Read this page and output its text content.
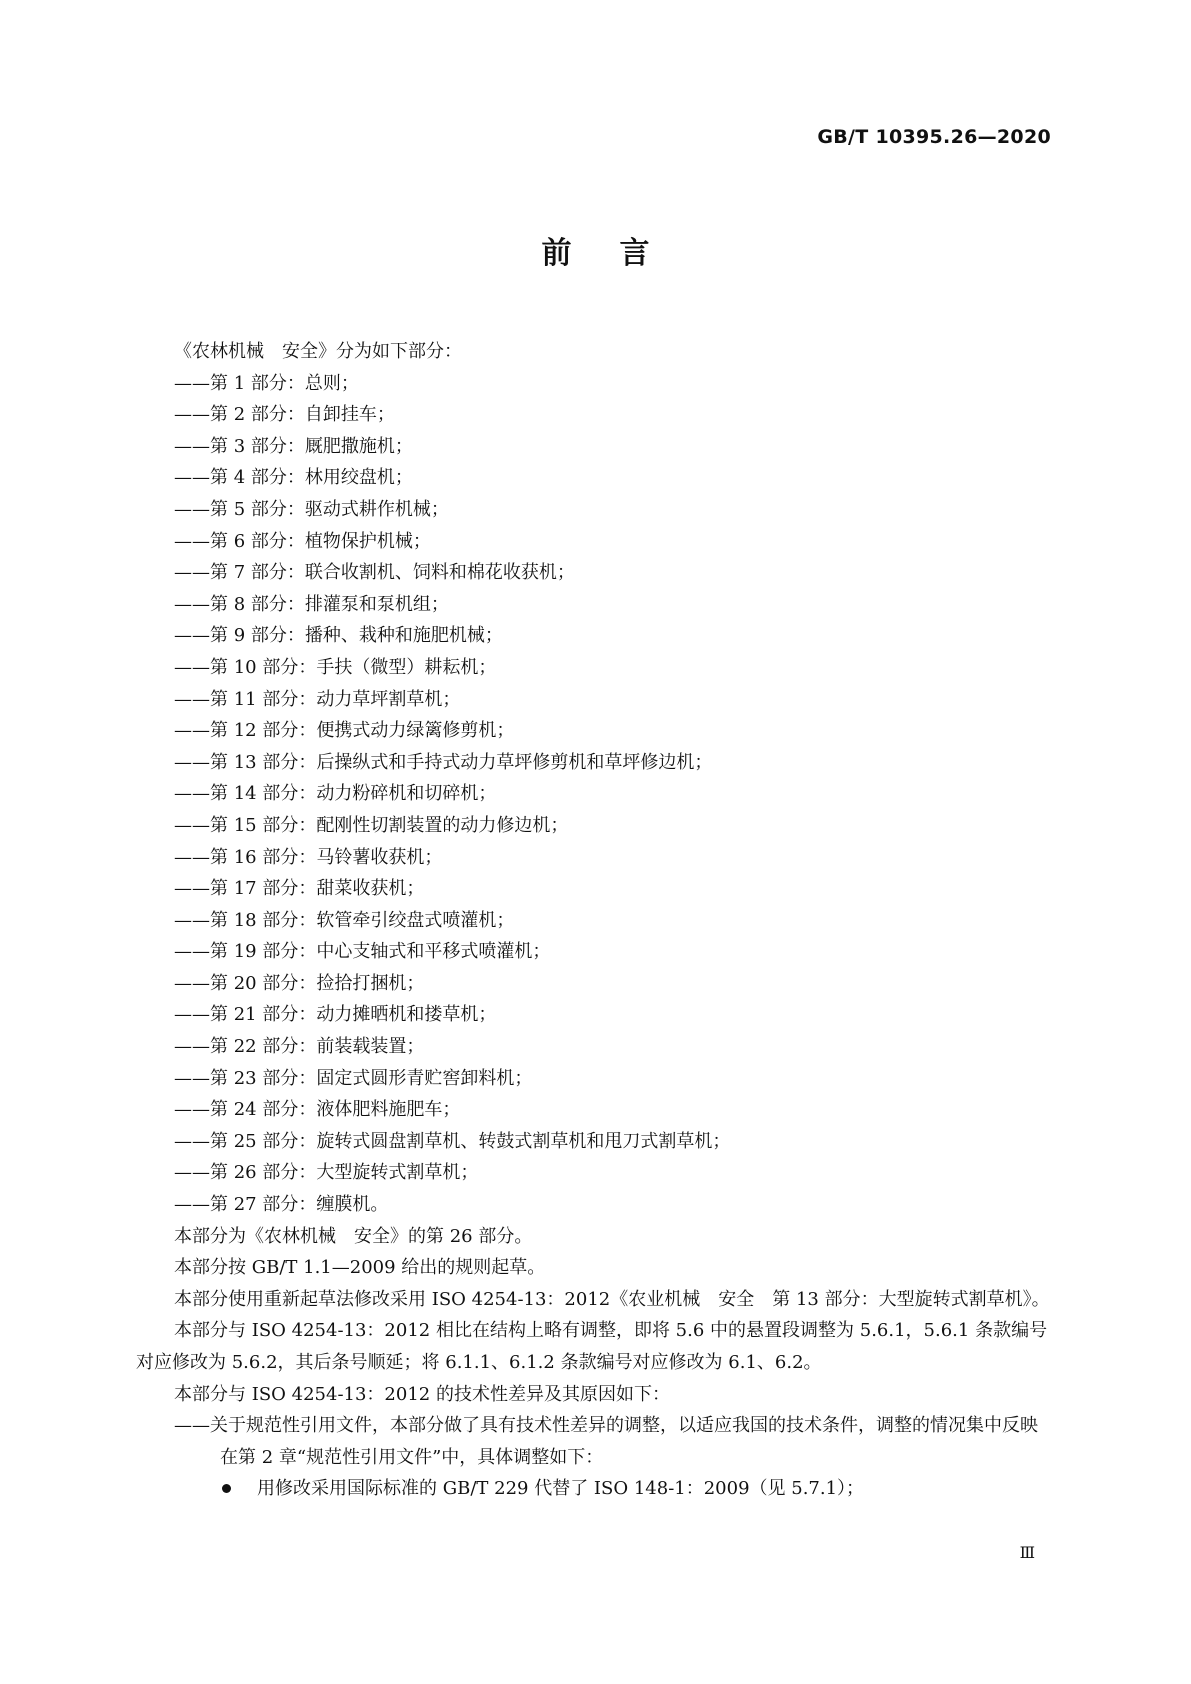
GB/T 10395.26—2020
前言
《农林机械　安全》分为如下部分：
——第 1 部分：总则；
——第 2 部分：自卸挂车；
——第 3 部分：厩肥撒施机；
——第 4 部分：林用绞盘机；
——第 5 部分：驱动式耕作机械；
——第 6 部分：植物保护机械；
——第 7 部分：联合收割机、饲料和棉花收获机；
——第 8 部分：排灌泵和泵机组；
——第 9 部分：播种、栽种和施肥机械；
——第 10 部分：手扶（微型）耕耘机；
——第 11 部分：动力草坪割草机；
——第 12 部分：便携式动力绿篱修剪机；
——第 13 部分：后操纵式和手持式动力草坪修剪机和草坪修边机；
——第 14 部分：动力粉碎机和切碎机；
——第 15 部分：配刚性切割装置的动力修边机；
——第 16 部分：马铃薯收获机；
——第 17 部分：甜菜收获机；
——第 18 部分：软管牵引绞盘式喷灌机；
——第 19 部分：中心支轴式和平移式喷灌机；
——第 20 部分：捡拾打捆机；
——第 21 部分：动力摊晒机和搂草机；
——第 22 部分：前装载装置；
——第 23 部分：固定式圆形青贮窖卸料机；
——第 24 部分：液体肥料施肥车；
——第 25 部分：旋转式圆盘割草机、转鼓式割草机和甩刀式割草机；
——第 26 部分：大型旋转式割草机；
——第 27 部分：缠膜机。

本部分为《农林机械　安全》的第 26 部分。

本部分按 GB/T 1.1—2009 给出的规则起草。

本部分使用重新起草法修改采用 ISO 4254-13：2012《农业机械　安全　第 13 部分：大型旋转式割草机》。

本部分与 ISO 4254-13：2012 相比在结构上略有调整，即将 5.6 中的悬置段调整为 5.6.1，5.6.1 条款编号对应修改为 5.6.2，其后条号顺延；将 6.1.1、6.1.2 条款编号对应修改为 6.1、6.2。

本部分与 ISO 4254-13：2012 的技术性差异及其原因如下：

——关于规范性引用文件，本部分做了具有技术性差异的调整，以适应我国的技术条件，调整的情况集中反映在第 2 章“规范性引用文件”中，具体调整如下：

用修改采用国际标准的 GB/T 229 代替了 ISO 148-1：2009（见 5.7.1）；
Ⅲ
